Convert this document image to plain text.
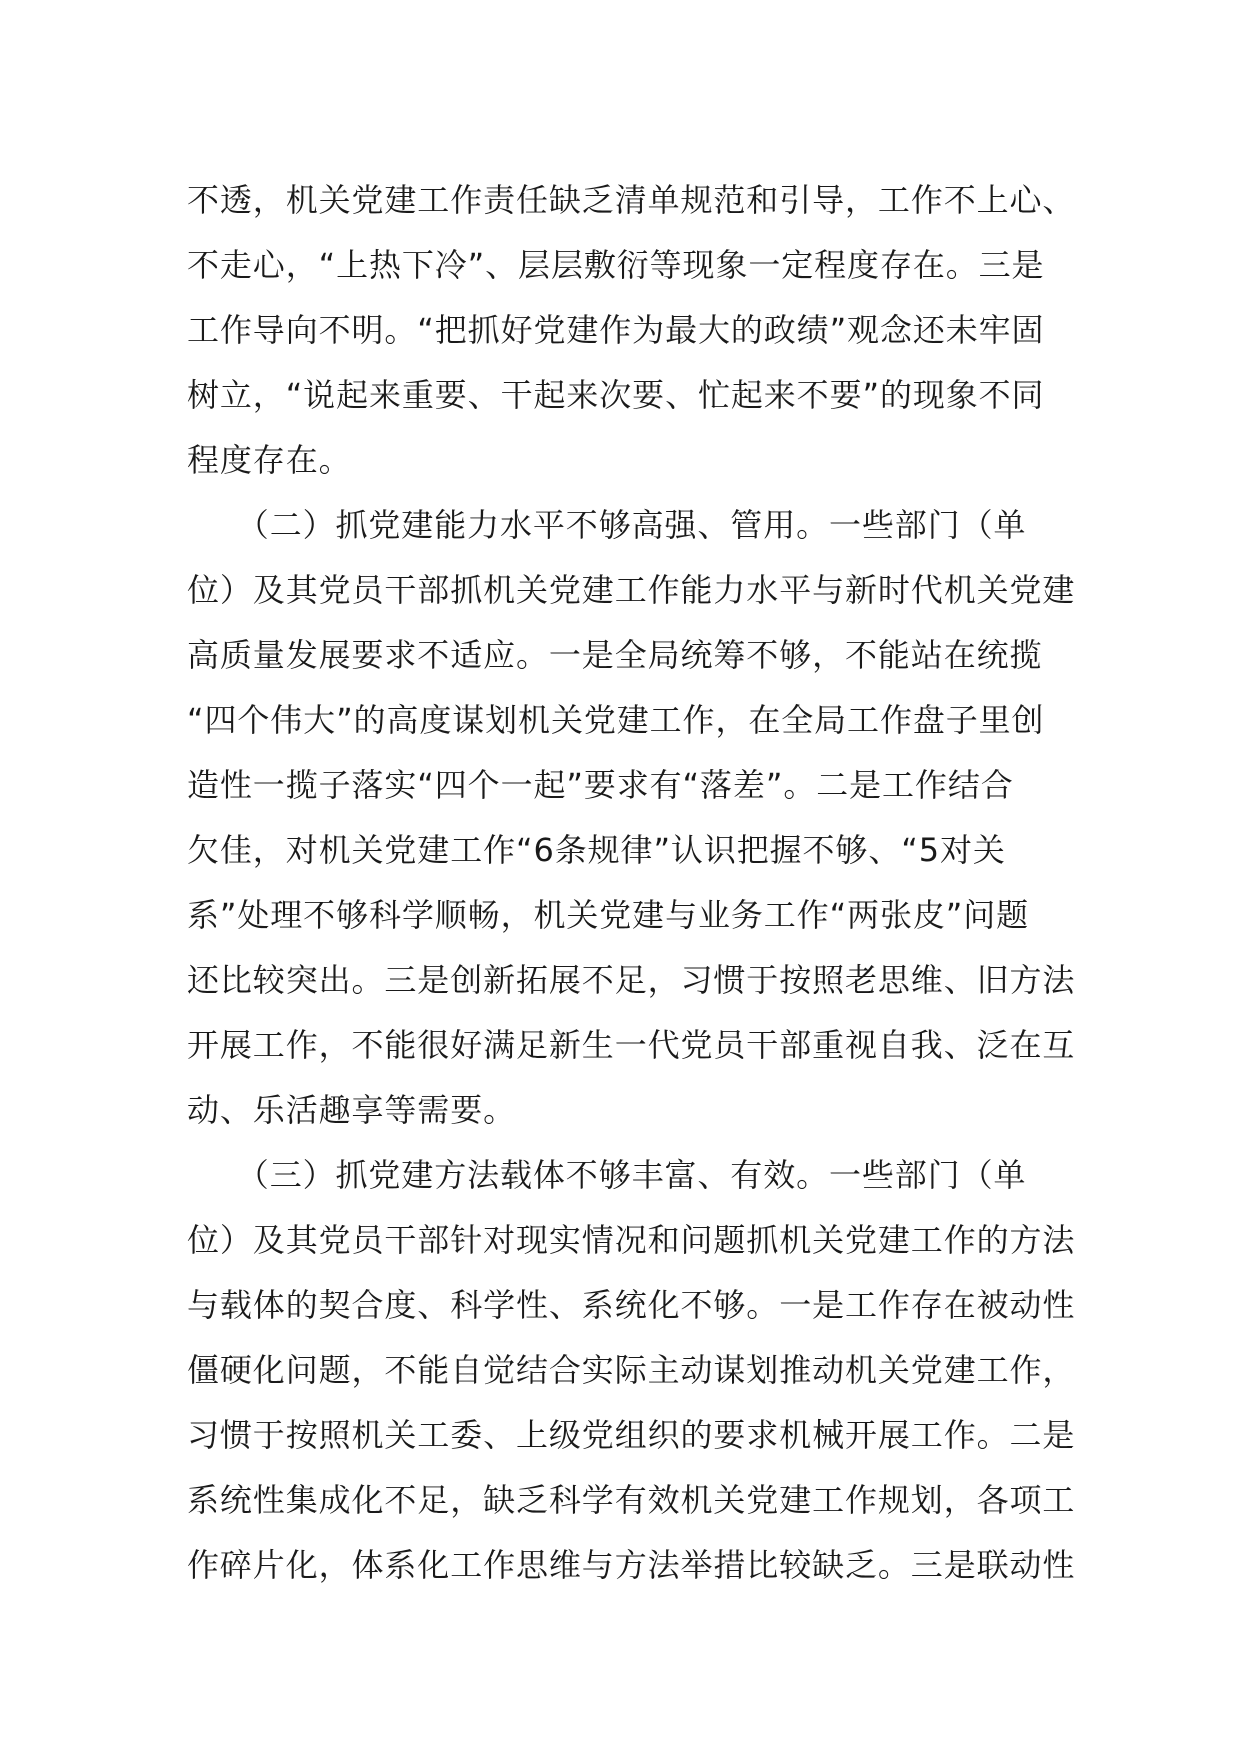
不透，机关党建工作责任缺乏清单规范和引导，工作不上心、
不走心，“上热下冷”、层层敷衍等现象一定程度存在。三是
工作导向不明。“把抓好党建作为最大的政绩”观念还未牢固
树立，“说起来重要、干起来次要、忙起来不要”的现象不同
程度存在。
　　（二）抓党建能力水平不够高强、管用。一些部门（单
位）及其党员干部抓机关党建工作能力水平与新时代机关党建
高质量发展要求不适应。一是全局统筹不够，不能站在统揽
“四个伟大”的高度谋划机关党建工作，在全局工作盘子里创
造性一揽子落实“四个一起”要求有“落差”。二是工作结合
欠佳，对机关党建工作“6条规律”认识把握不够、“5对关
系”处理不够科学顺畅，机关党建与业务工作“两张皮”问题
还比较突出。三是创新拓展不足，习惯于按照老思维、旧方法
开展工作，不能很好满足新生一代党员干部重视自我、泛在互
动、乐活趣享等需要。
　　（三）抓党建方法载体不够丰富、有效。一些部门（单
位）及其党员干部针对现实情况和问题抓机关党建工作的方法
与载体的契合度、科学性、系统化不够。一是工作存在被动性
僵硬化问题，不能自觉结合实际主动谋划推动机关党建工作，
习惯于按照机关工委、上级党组织的要求机械开展工作。二是
系统性集成化不足，缺乏科学有效机关党建工作规划，各项工
作碎片化，体系化工作思维与方法举措比较缺乏。三是联动性
